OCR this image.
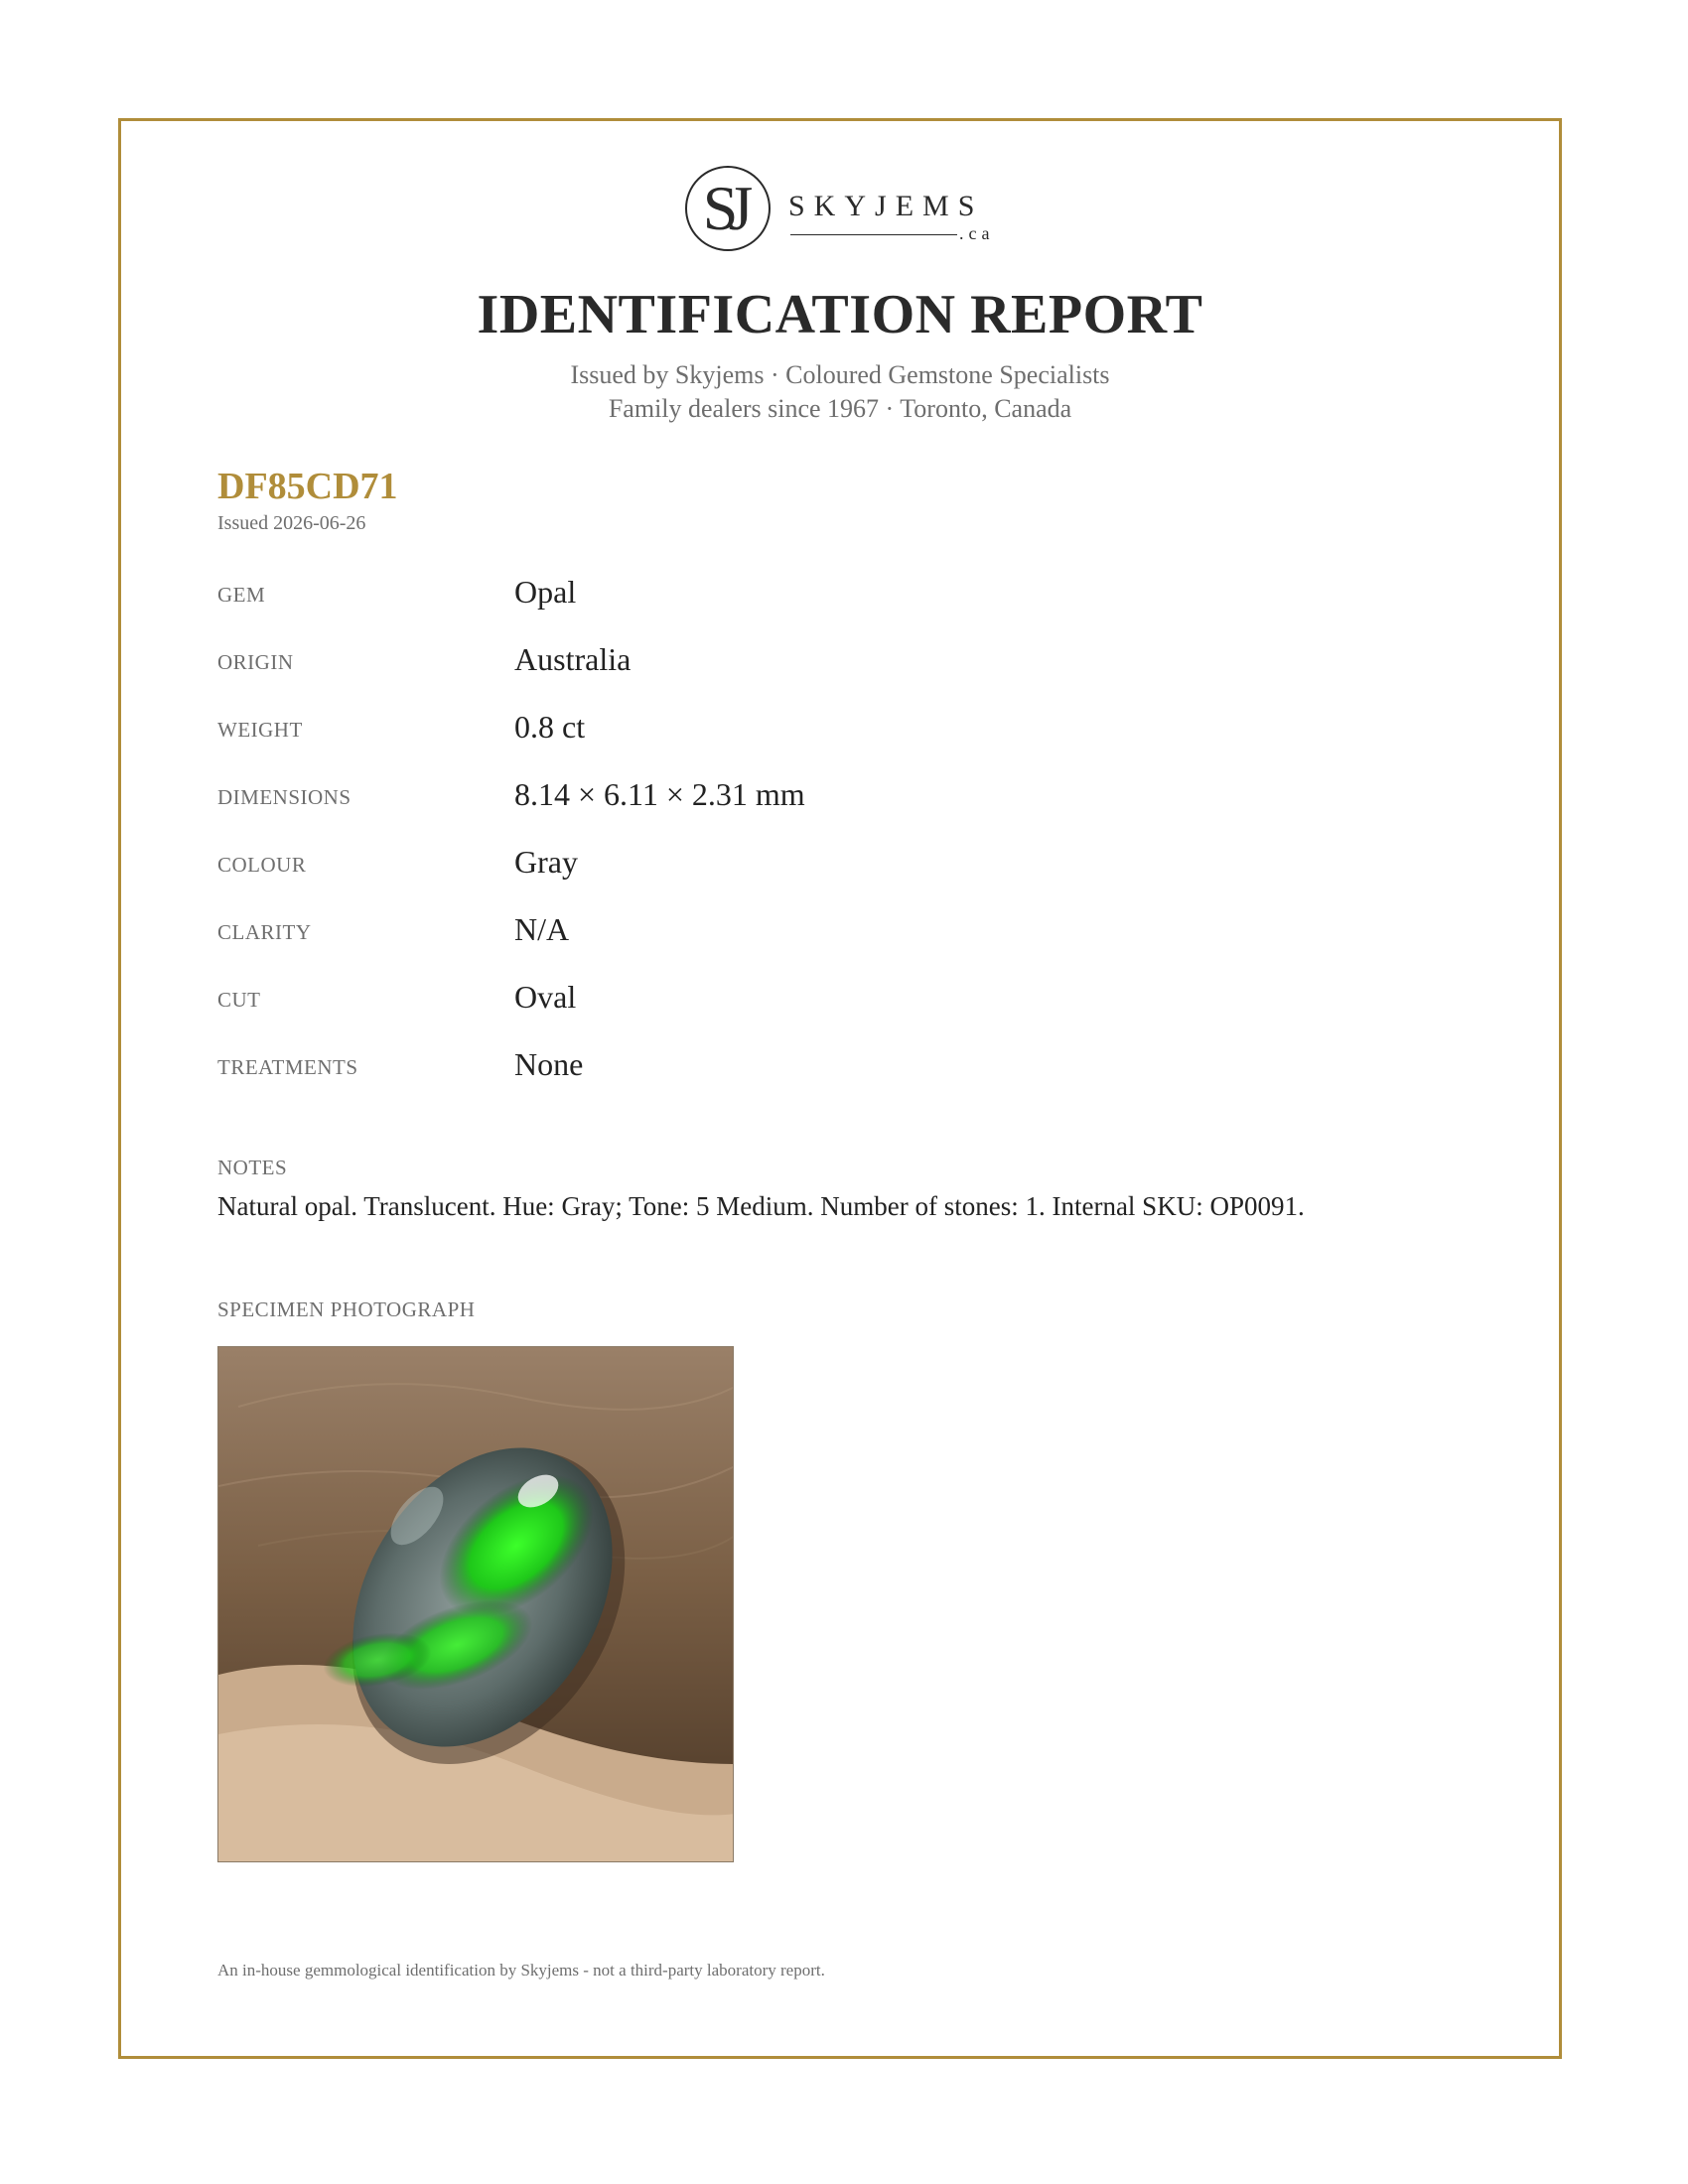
SJ	SKYJEMS
.ca
IDENTIFICATION REPORT
Issued by Skyjems · Coloured Gemstone Specialists
Family dealers since 1967 · Toronto, Canada
DF85CD71
Issued 2026-06-26
GEM	Opal
ORIGIN	Australia
WEIGHT	0.8 ct
DIMENSIONS	8.14 × 6.11 × 2.31 mm
COLOUR	Gray
CLARITY	N/A
CUT	Oval
TREATMENTS	None
NOTES
Natural opal. Translucent. Hue: Gray; Tone: 5 Medium. Number of stones: 1. Internal SKU: OP0091.
SPECIMEN PHOTOGRAPH
An in-house gemmological identification by Skyjems - not a third-party laboratory report.
